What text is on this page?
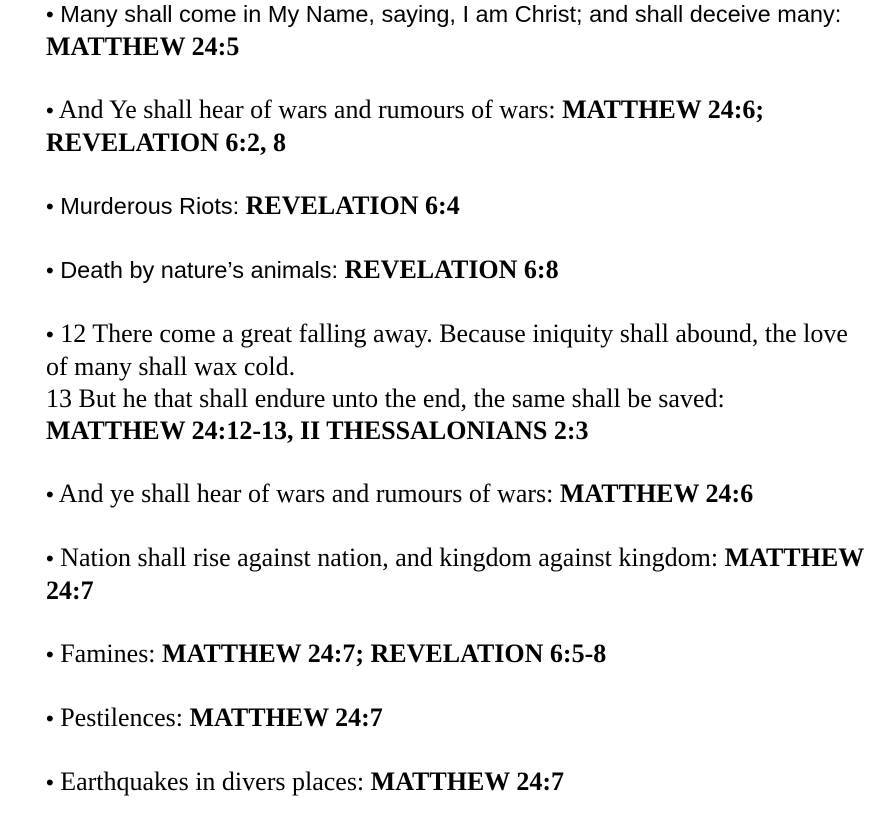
• Many shall come in My Name, saying, I am Christ; and shall deceive many: MATTHEW 24:5

• And Ye shall hear of wars and rumours of wars: MATTHEW 24:6; REVELATION 6:2, 8

• Murderous Riots: REVELATION 6:4

• Death by nature’s animals: REVELATION 6:8

• 12 There come a great falling away. Because iniquity shall abound, the love of many shall wax cold.
13 But he that shall endure unto the end, the same shall be saved:
MATTHEW 24:12-13, II THESSALONIANS 2:3

• And ye shall hear of wars and rumours of wars: MATTHEW 24:6

• Nation shall rise against nation, and kingdom against kingdom: MATTHEW 24:7

• Famines: MATTHEW 24:7; REVELATION 6:5-8

• Pestilences: MATTHEW 24:7

• Earthquakes in divers places: MATTHEW 24:7
